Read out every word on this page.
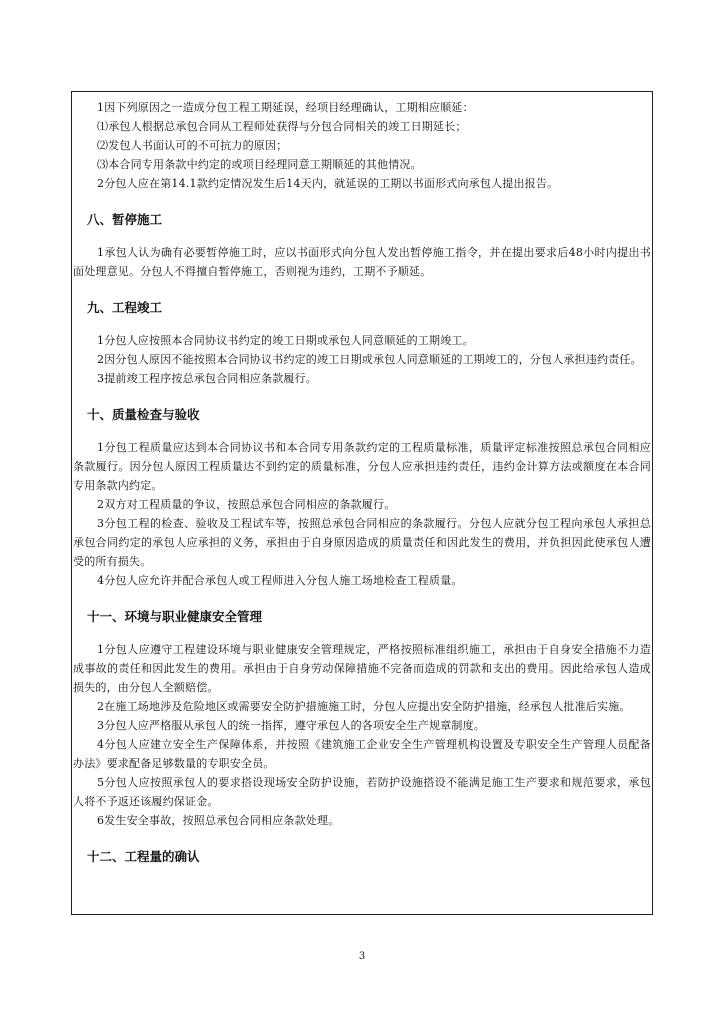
1因下列原因之一造成分包工程工期延误，经项目经理确认，工期相应顺延：

⑴承包人根据总承包合同从工程师处获得与分包合同相关的竣工日期延长；

⑵发包人书面认可的不可抗力的原因；

⑶本合同专用条款中约定的或项目经理同意工期顺延的其他情况。

2分包人应在第14.1款约定情况发生后14天内，就延误的工期以书面形式向承包人提出报告。

八、暂停施工

1承包人认为确有必要暂停施工时，应以书面形式向分包人发出暂停施工指令，并在提出要求后48小时内提出书面处理意见。分包人不得擅自暂停施工，否则视为违约，工期不予顺延。

九、工程竣工

1分包人应按照本合同协议书约定的竣工日期或承包人同意顺延的工期竣工。

2因分包人原因不能按照本合同协议书约定的竣工日期或承包人同意顺延的工期竣工的，分包人承担违约责任。

3提前竣工程序按总承包合同相应条款履行。

十、质量检查与验收

1分包工程质量应达到本合同协议书和本合同专用条款约定的工程质量标准，质量评定标准按照总承包合同相应条款履行。因分包人原因工程质量达不到约定的质量标准，分包人应承担违约责任，违约金计算方法或额度在本合同专用条款内约定。

2双方对工程质量的争议，按照总承包合同相应的条款履行。

3分包工程的检查、验收及工程试车等，按照总承包合同相应的条款履行。分包人应就分包工程向承包人承担总承包合同约定的承包人应承担的义务，承担由于自身原因造成的质量责任和因此发生的费用，并负担因此使承包人遭受的所有损失。

4分包人应允许并配合承包人或工程师进入分包人施工场地检查工程质量。

十一、环境与职业健康安全管理

1分包人应遵守工程建设环境与职业健康安全管理规定，严格按照标准组织施工，承担由于自身安全措施不力造成事故的责任和因此发生的费用。承担由于自身劳动保障措施不完备而造成的罚款和支出的费用。因此给承包人造成损失的，由分包人全额赔偿。

2在施工场地涉及危险地区或需要安全防护措施施工时，分包人应提出安全防护措施，经承包人批准后实施。

3分包人应严格服从承包人的统一指挥，遵守承包人的各项安全生产规章制度。

4分包人应建立安全生产保障体系，并按照《建筑施工企业安全生产管理机构设置及专职安全生产管理人员配备办法》要求配备足够数量的专职安全员。

5分包人应按照承包人的要求搭设现场安全防护设施，若防护设施搭设不能满足施工生产要求和规范要求，承包人将不予返还该履约保证金。

6发生安全事故，按照总承包合同相应条款处理。

十二、工程量的确认
3
